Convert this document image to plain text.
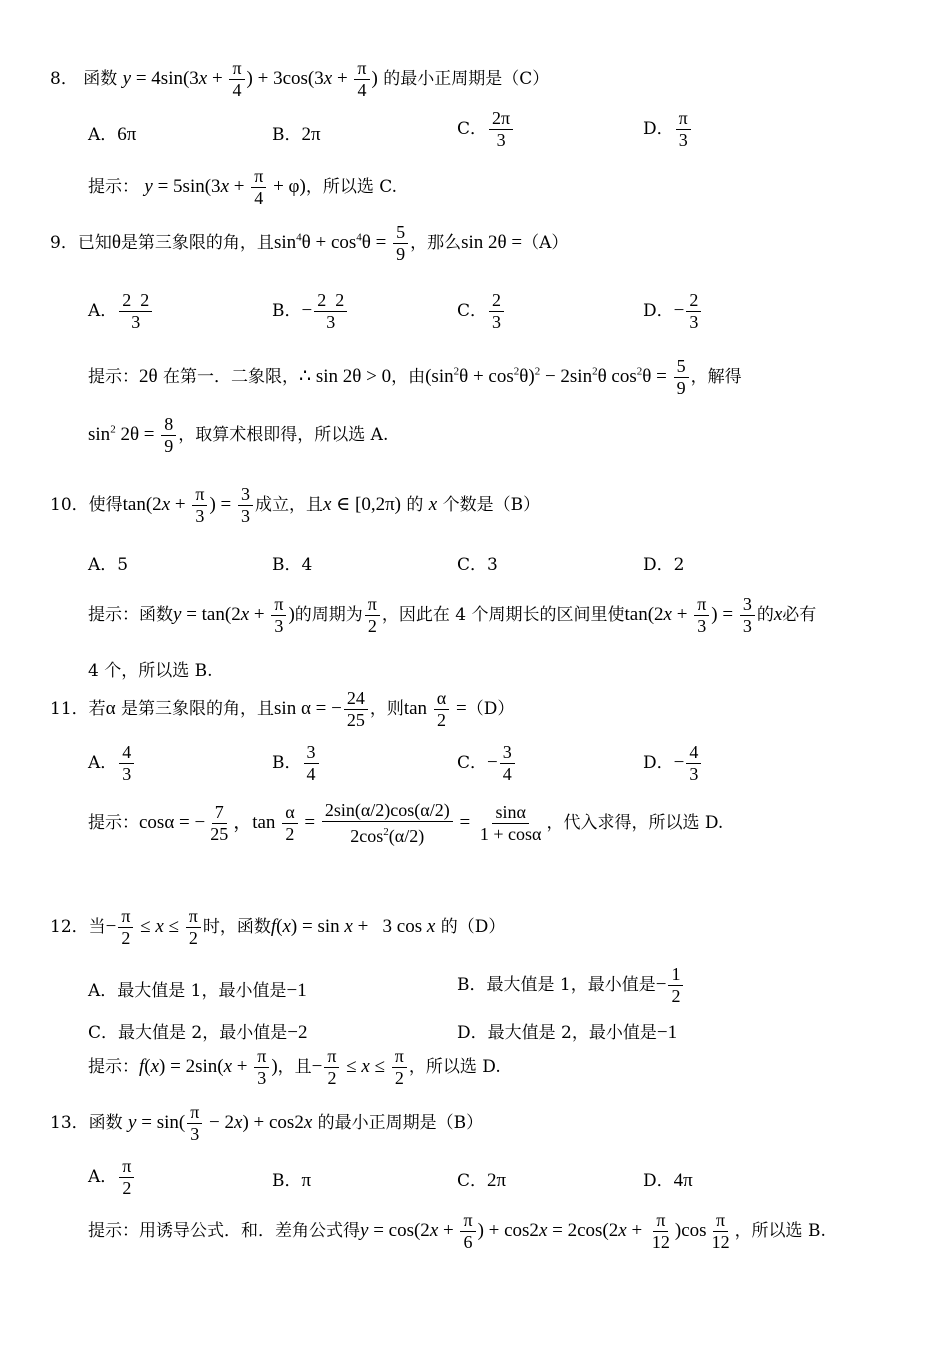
8． 函数 $y = 4\sin(3x + \frac{\pi}{4}$ ) + $3\cos(3x + \frac{\pi}{4}$ ) 的最小正周期是（C）
A．6π	B．2π	C． $\frac{2\pi}{3}$	D． $\frac{\pi}{3}$
提示： $y = 5\sin(3x + \frac{\pi}{4} + \varphi)$，所以选 C.
9．已知θ是第三象限的角，且$\sin^4\theta + \cos^4\theta = \frac{5}{9}$ ，那么sin 2θ =（A）
A． $\frac{2 2}{3}$	B．− $\frac{2 2}{3}$	C． $\frac{2}{3}$	D．− $\frac{2}{3}$
提示：2θ 在第一．二象限，∴ sin 2θ > 0，由$(\sin^2\theta + \cos^2\theta)^2 - 2\sin^2\theta$ $\cos^2\theta = \frac{5}{9}$ ，解得
$\sin^2 2\theta = \frac{8}{9}$ ，取算术根即得，所以选 A.
10．使得$\tan(2x + \frac{\pi}{3}$ ) = $\frac{3}{3}$ 成立，且x ∈ [0,2π) 的 x 个数是（B）
A．5	B．4	C．3	D．2
提示：函数$y = \tan(2x + \frac{\pi}{3}$ )的周期为 $\frac{\pi}{2}$ ，因此在 4 个周期长的区间里使$\tan(2x + \frac{\pi}{3}$ ) = $\frac{3}{3}$ 的x必有
4 个，所以选 B.
11．若α 是第三象限的角，且sin α = − $\frac{24}{25}$ ，则$\tan \frac{\alpha}{2} =(D)$
A． $\frac{4}{3}$	B． $\frac{3}{4}$	C．− $\frac{3}{4}$	D．− $\frac{4}{3}$
提示：cosα = − $\frac{7}{25}$ ，$\tan \frac{\alpha}{2} = \frac{2\sin(\alpha/2)\cos(\alpha/2)}{2\cos^2(\alpha/2)} = \frac{\sin\alpha}{1 + \cos\alpha}$ ，代入求得，所以选 D.
12．当− $\frac{\pi}{2} \le x \le \frac{\pi}{2}$ 时，函数f(x) = sin x +   3 cos x 的（D）
A．最大值是 1，最小值是−1	B．最大值是 1，最小值是− $\frac{1}{2}$
C．最大值是 2，最小值是−2	D．最大值是 2，最小值是−1
提示：$f(x) = 2\sin(x + \frac{\pi}{3}$ )，且− $\frac{\pi}{2} \le x \le \frac{\pi}{2}$ ，所以选 D.
13．函数 $y = \sin( \frac{\pi}{3} - 2x) + \cos 2x$ 的最小正周期是（B）
A． $\frac{\pi}{2}$	B．π	C．2π	D．4π
提示：用诱导公式．和．差角公式得$y = \cos(2x + \frac{\pi}{6}$ ) + $\cos 2x = 2\cos(2x + \frac{\pi}{12} )\cos \frac{\pi}{12}$ ，所以选 B.
